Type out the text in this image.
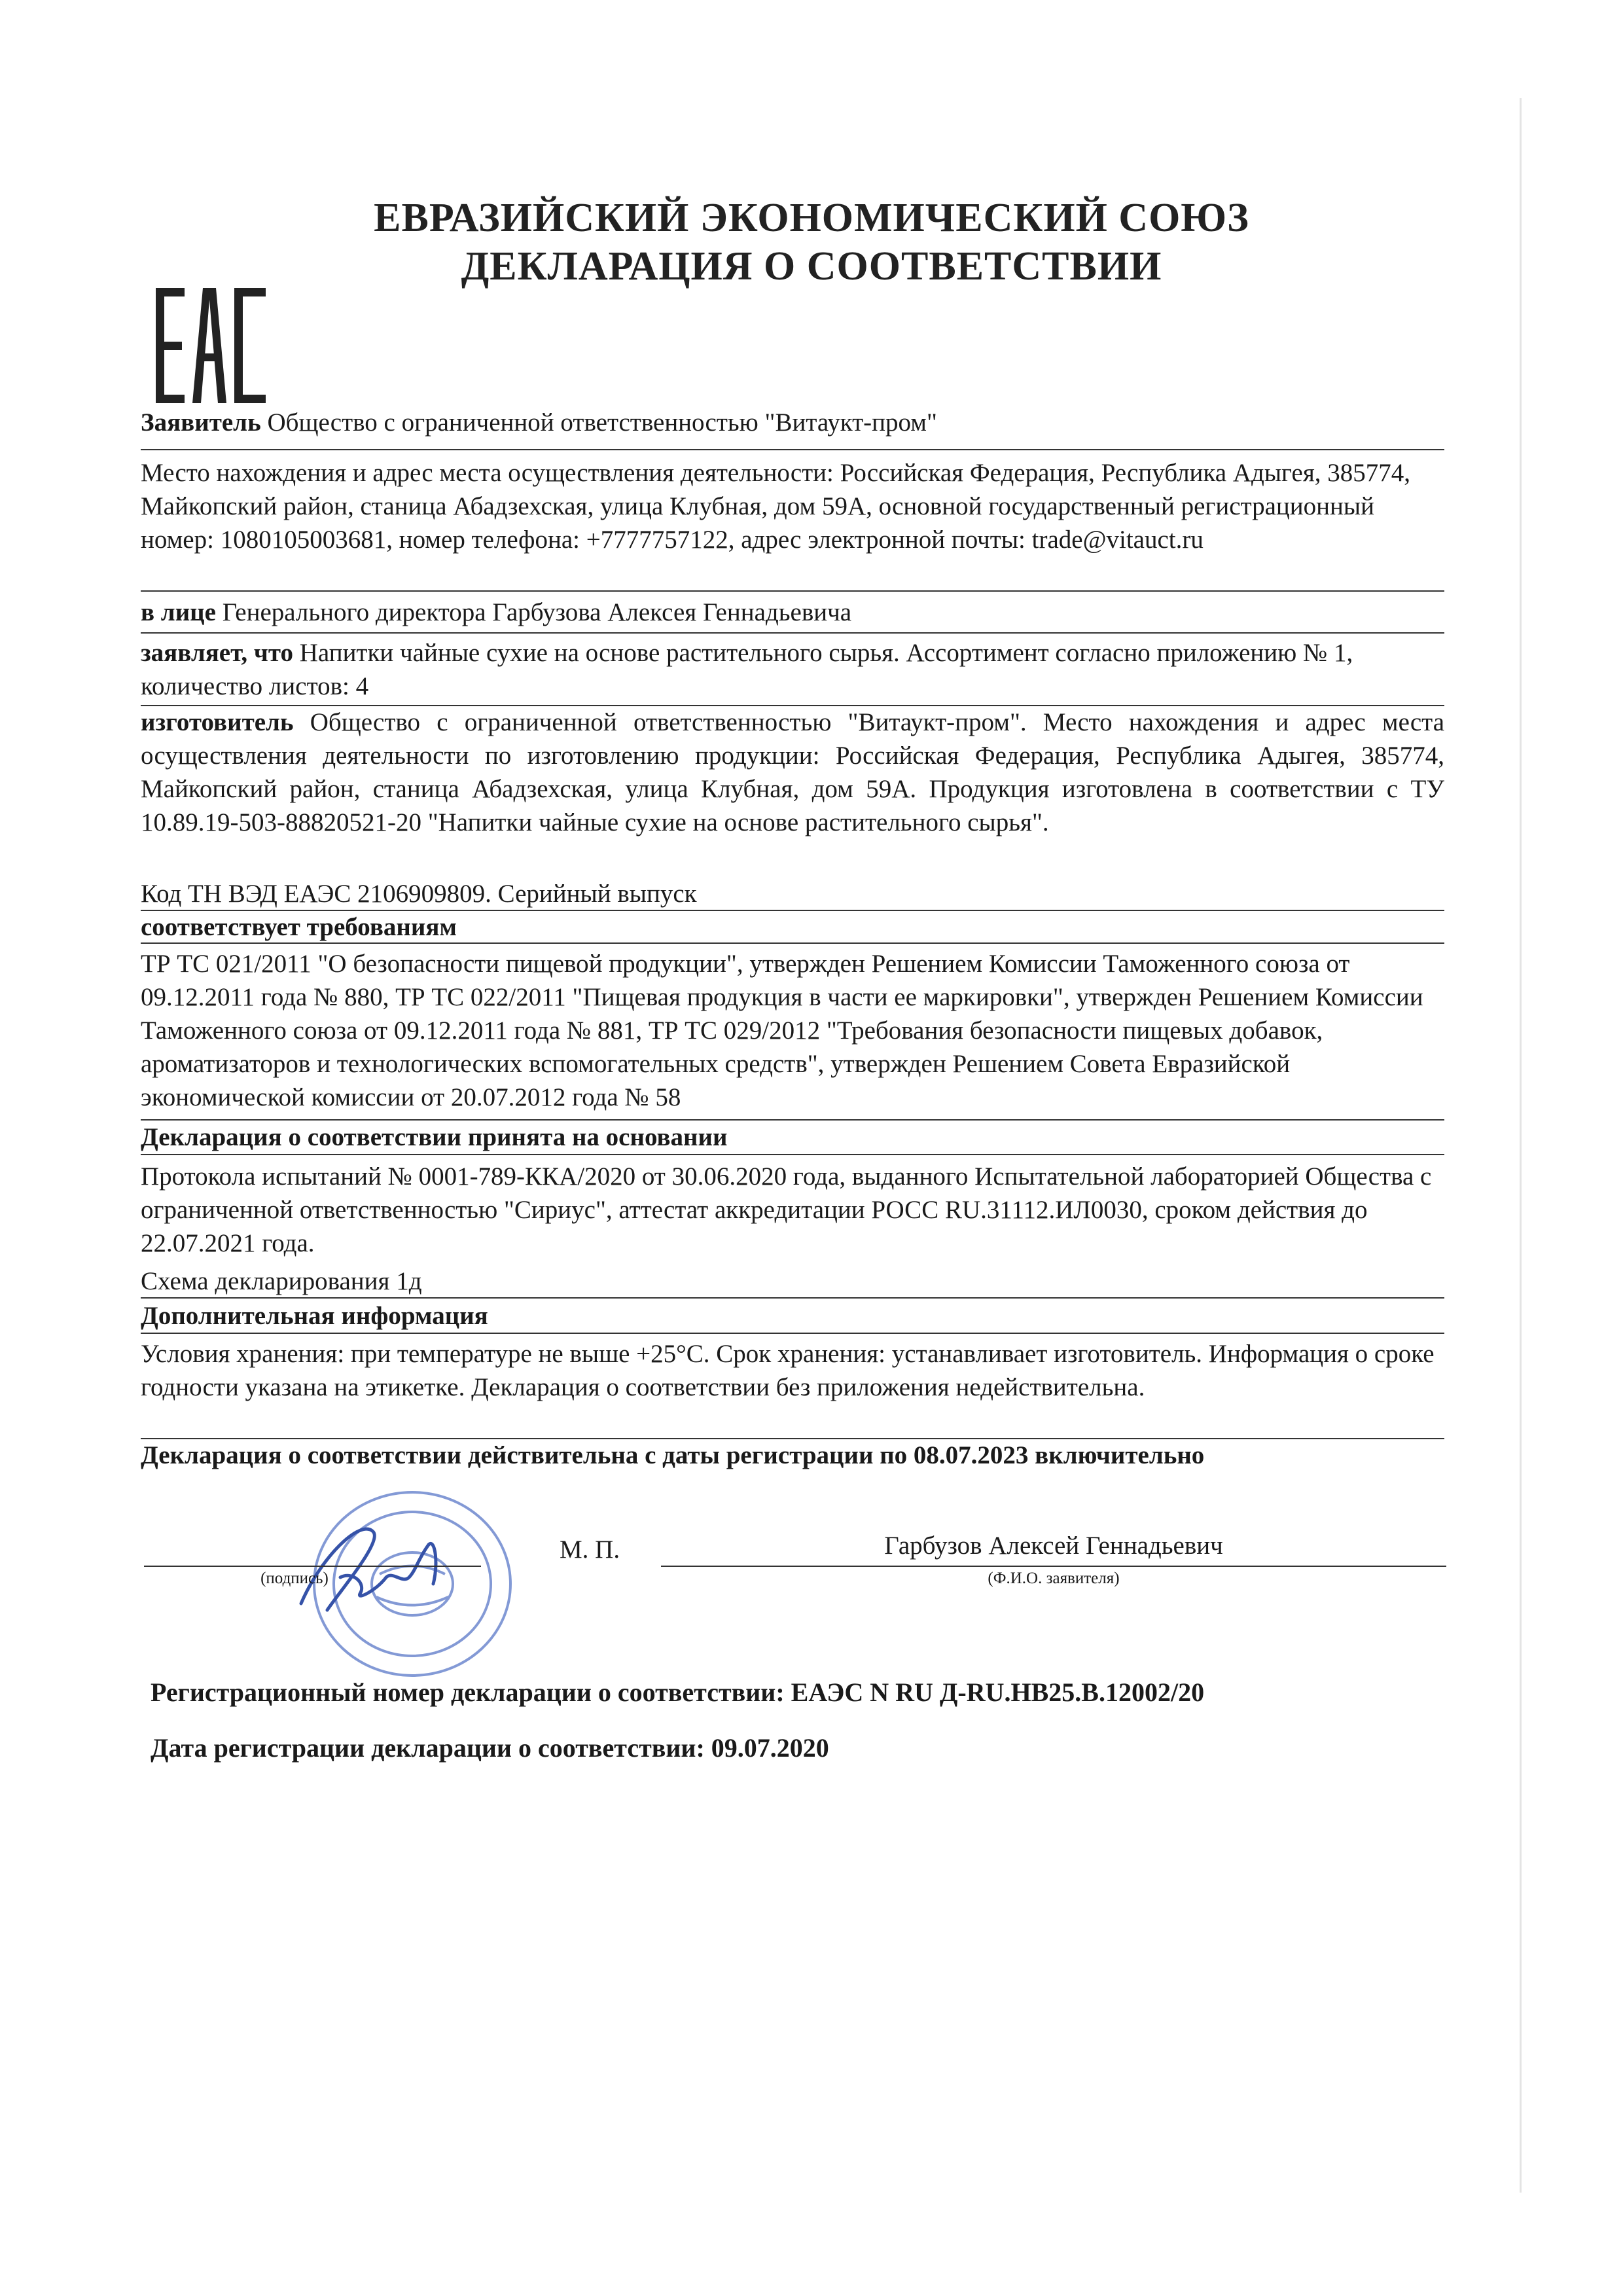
ЕВРАЗИЙСКИЙ ЭКОНОМИЧЕСКИЙ СОЮЗ
ДЕКЛАРАЦИЯ О СООТВЕТСТВИИ
Заявитель Общество с ограниченной ответственностью "Витаукт-пром"
Место нахождения и адрес места осуществления деятельности: Российская Федерация, Республика Адыгея, 385774, Майкопский район, станица Абадзехская, улица Клубная, дом 59А, основной государственный регистрационный номер: 1080105003681, номер телефона: +7777757122, адрес электронной почты: trade@vitauct.ru
в лице Генерального директора Гарбузова Алексея Геннадьевича
заявляет, что Напитки чайные сухие на основе растительного сырья. Ассортимент согласно приложению № 1, количество листов: 4
изготовитель Общество с ограниченной ответственностью "Витаукт-пром". Место нахождения и адрес места осуществления деятельности по изготовлению продукции: Российская Федерация, Республика Адыгея, 385774, Майкопский район, станица Абадзехская, улица Клубная, дом 59А. Продукция изготовлена в соответствии с ТУ 10.89.19-503-88820521-20 "Напитки чайные сухие на основе растительного сырья".
Код ТН ВЭД ЕАЭС 2106909809. Серийный выпуск
соответствует требованиям
ТР ТС 021/2011 "О безопасности пищевой продукции", утвержден Решением Комиссии Таможенного союза от 09.12.2011 года № 880, ТР ТС 022/2011 "Пищевая продукция в части ее маркировки", утвержден Решением Комиссии Таможенного союза от 09.12.2011 года № 881, ТР ТС 029/2012 "Требования безопасности пищевых добавок, ароматизаторов и технологических вспомогательных средств", утвержден Решением Совета Евразийской экономической комиссии от 20.07.2012 года № 58
Декларация о соответствии принята на основании
Протокола испытаний № 0001-789-ККА/2020 от 30.06.2020 года, выданного Испытательной лабораторией Общества с ограниченной ответственностью "Сириус", аттестат аккредитации РОСС RU.31112.ИЛ0030, сроком действия до 22.07.2021 года.
Схема декларирования 1д
Дополнительная информация
Условия хранения: при температуре не выше +25°С. Срок хранения: устанавливает изготовитель. Информация о сроке годности указана на этикетке. Декларация о соответствии без приложения недействительна.
Декларация о соответствии действительна с даты регистрации по 08.07.2023 включительно
(подпись)
М. П.	Гарбузов Алексей Геннадьевич
(Ф.И.О. заявителя)
Регистрационный номер декларации о соответствии: ЕАЭС N RU Д-RU.НВ25.В.12002/20
Дата регистрации декларации о соответствии: 09.07.2020
